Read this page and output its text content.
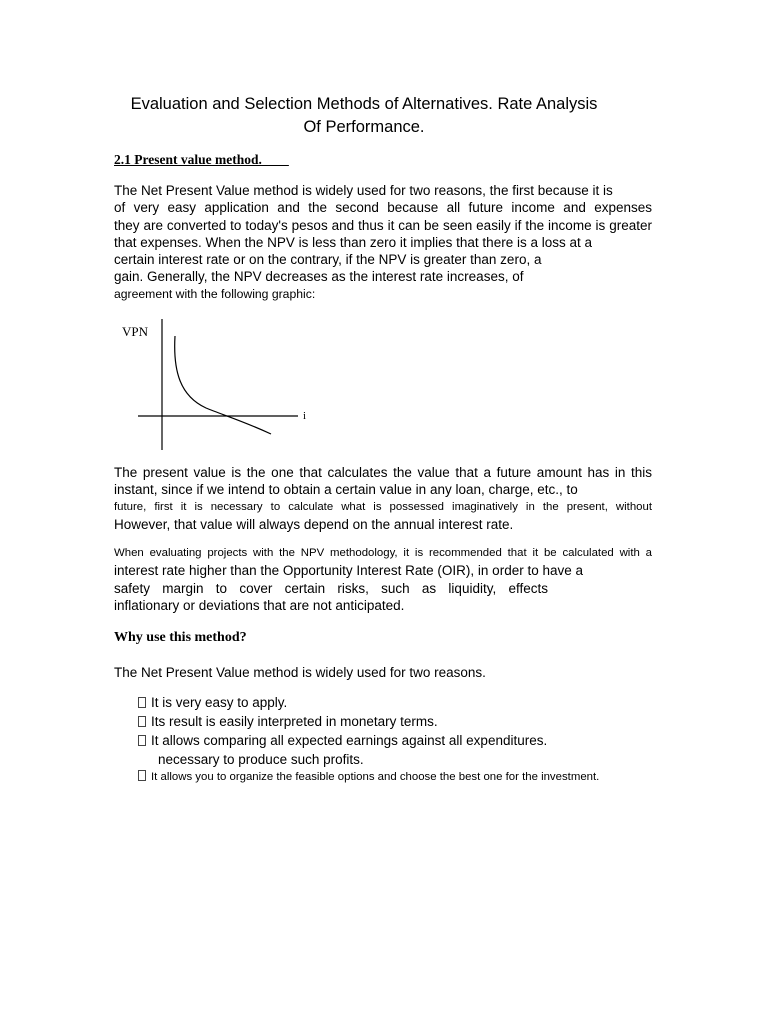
Evaluation and Selection Methods of Alternatives. Rate Analysis
Of Performance.
2.1 Present value method.
The Net Present Value method is widely used for two reasons, the first because it is
of very easy application and the second because all future income and expenses
they are converted to today's pesos and thus it can be seen easily if the income is greater
that expenses. When the NPV is less than zero it implies that there is a loss at a
certain interest rate or on the contrary, if the NPV is greater than zero, a
gain. Generally, the NPV decreases as the interest rate increases, of
agreement with the following graphic:
VPN
i
The present value is the one that calculates the value that a future amount has in this
instant, since if we intend to obtain a certain value in any loan, charge, etc., to
future, first it is necessary to calculate what is possessed imaginatively in the present, without
However, that value will always depend on the annual interest rate.
When evaluating projects with the NPV methodology, it is recommended that it be calculated with a
interest rate higher than the Opportunity Interest Rate (OIR), in order to have a
safety margin to cover certain risks, such as liquidity, effects
inflationary or deviations that are not anticipated.
Why use this method?
The Net Present Value method is widely used for two reasons.
It is very easy to apply.
Its result is easily interpreted in monetary terms.
It allows comparing all expected earnings against all expenditures.
necessary to produce such profits.
It allows you to organize the feasible options and choose the best one for the investment.
